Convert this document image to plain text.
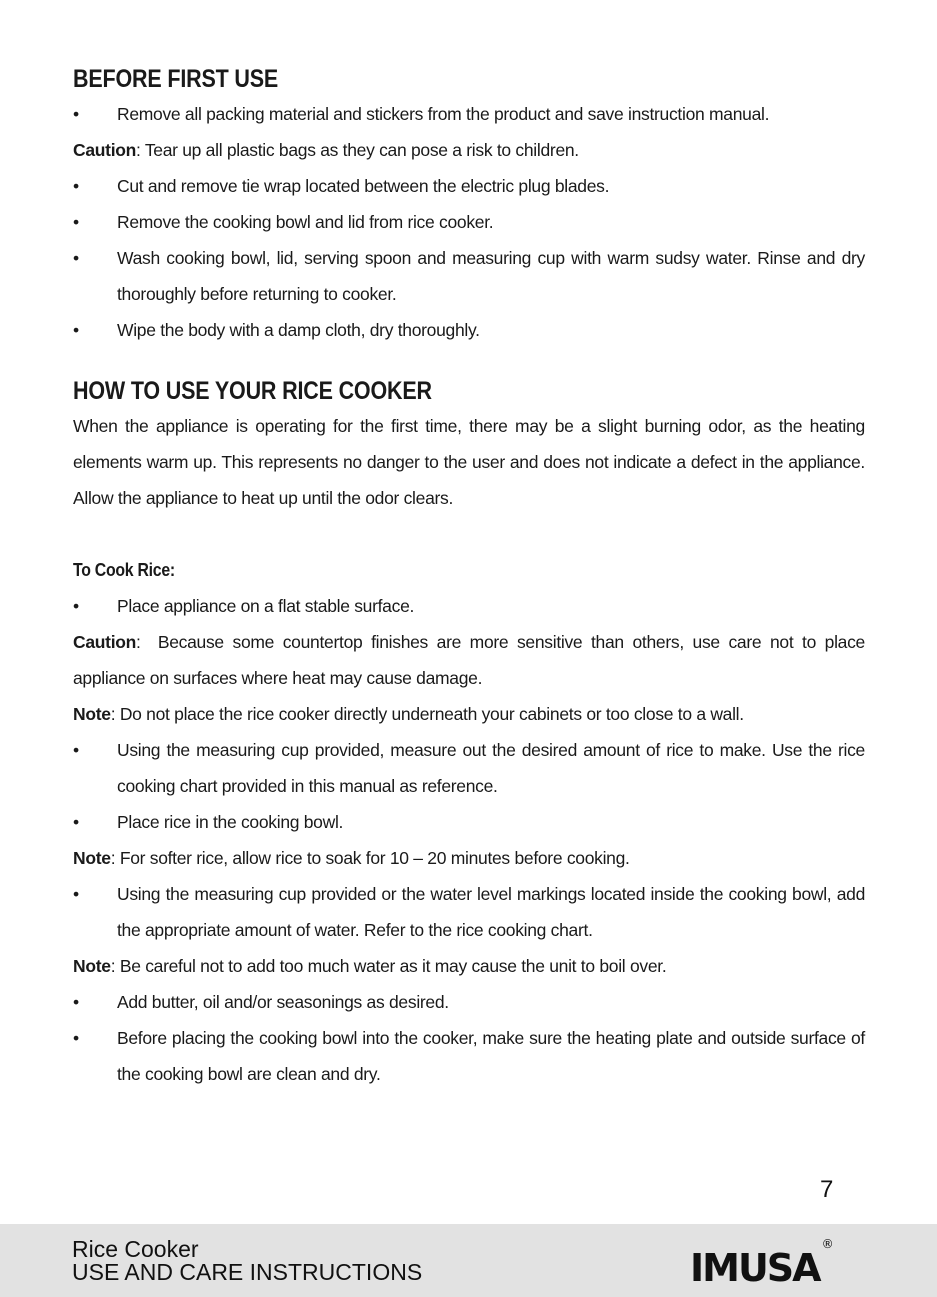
BEFORE FIRST USE
•	Remove all packing material and stickers from the product and save instruction manual.

Caution: Tear up all plastic bags as they can pose a risk to children.

•	Cut and remove tie wrap located between the electric plug blades.
•	Remove the cooking bowl and lid from rice cooker.
•	Wash cooking bowl, lid, serving spoon and measuring cup with warm sudsy water. Rinse and dry thoroughly before returning to cooker.
•	Wipe the body with a damp cloth, dry thoroughly.
HOW TO USE YOUR RICE COOKER

When the appliance is operating for the first time, there may be a slight burning odor, as the heating elements warm up. This represents no danger to the user and does not indicate a defect in the appliance. Allow the appliance to heat up until the odor clears.

To Cook Rice:
•	Place appliance on a flat stable surface.

Caution:  Because some countertop finishes are more sensitive than others, use care not to place appliance on surfaces where heat may cause damage.

Note: Do not place the rice cooker directly underneath your cabinets or too close to a wall.

•	Using the measuring cup provided, measure out the desired amount of rice to make. Use the rice cooking chart provided in this manual as reference.
•	Place rice in the cooking bowl.

Note: For softer rice, allow rice to soak for 10 – 20 minutes before cooking.

•	Using the measuring cup provided or the water level markings located inside the cooking bowl, add the appropriate amount of water. Refer to the rice cooking chart.

Note: Be careful not to add too much water as it may cause the unit to boil over.

•	Add butter, oil and/or seasonings as desired.
•	Before placing the cooking bowl into the cooker, make sure the heating plate and outside surface of the cooking bowl are clean and dry.
7
Rice Cooker
USE AND CARE INSTRUCTIONS	imusa ®
